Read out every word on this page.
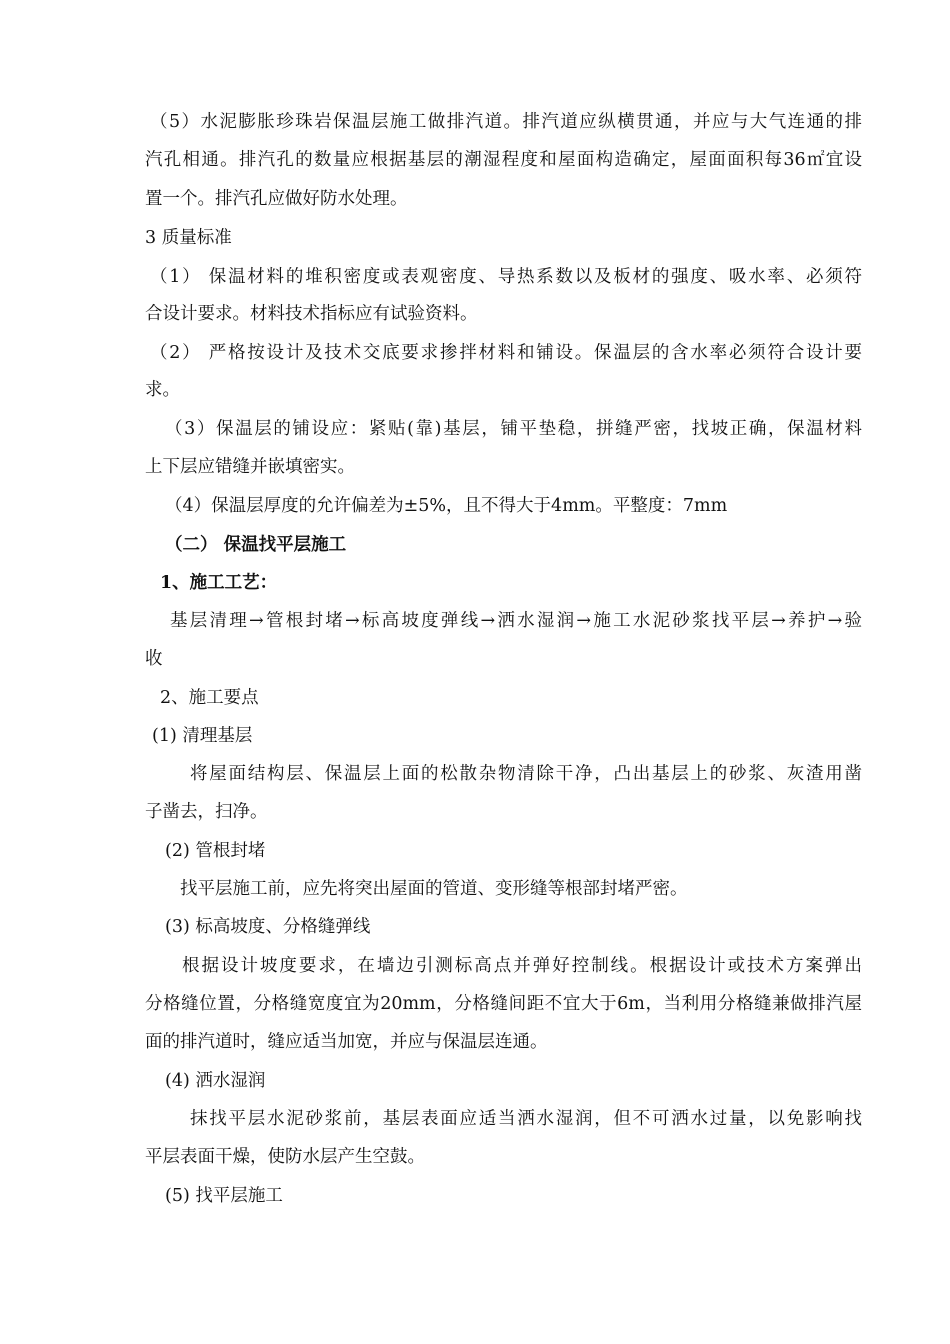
（5）水泥膨胀珍珠岩保温层施工做排汽道。排汽道应纵横贯通，并应与大气连通的排
汽孔相通。排汽孔的数量应根据基层的潮湿程度和屋面构造确定，屋面面积每36㎡宜设
置一个。排汽孔应做好防水处理。
3 质量标准
（1） 保温材料的堆积密度或表观密度、导热系数以及板材的强度、吸水率、必须符
合设计要求。材料技术指标应有试验资料。
（2） 严格按设计及技术交底要求掺拌材料和铺设。保温层的含水率必须符合设计要
求。
（3）保温层的铺设应：紧贴(靠)基层，铺平垫稳，拼缝严密，找坡正确，保温材料
上下层应错缝并嵌填密实。
（4）保温层厚度的允许偏差为±5%，且不得大于4mm。平整度：7mm
（二） 保温找平层施工
1、施工工艺：
基层清理→管根封堵→标高坡度弹线→洒水湿润→施工水泥砂浆找平层→养护→验
收
2、施工要点
(1) 清理基层
将屋面结构层、保温层上面的松散杂物清除干净，凸出基层上的砂浆、灰渣用凿
子凿去，扫净。
(2) 管根封堵
找平层施工前，应先将突出屋面的管道、变形缝等根部封堵严密。
(3) 标高坡度、分格缝弹线
根据设计坡度要求，在墙边引测标高点并弹好控制线。根据设计或技术方案弹出
分格缝位置，分格缝宽度宜为20mm，分格缝间距不宜大于6m，当利用分格缝兼做排汽屋
面的排汽道时，缝应适当加宽，并应与保温层连通。
(4) 洒水湿润
抹找平层水泥砂浆前，基层表面应适当洒水湿润，但不可洒水过量，以免影响找
平层表面干燥，使防水层产生空鼓。
(5) 找平层施工
